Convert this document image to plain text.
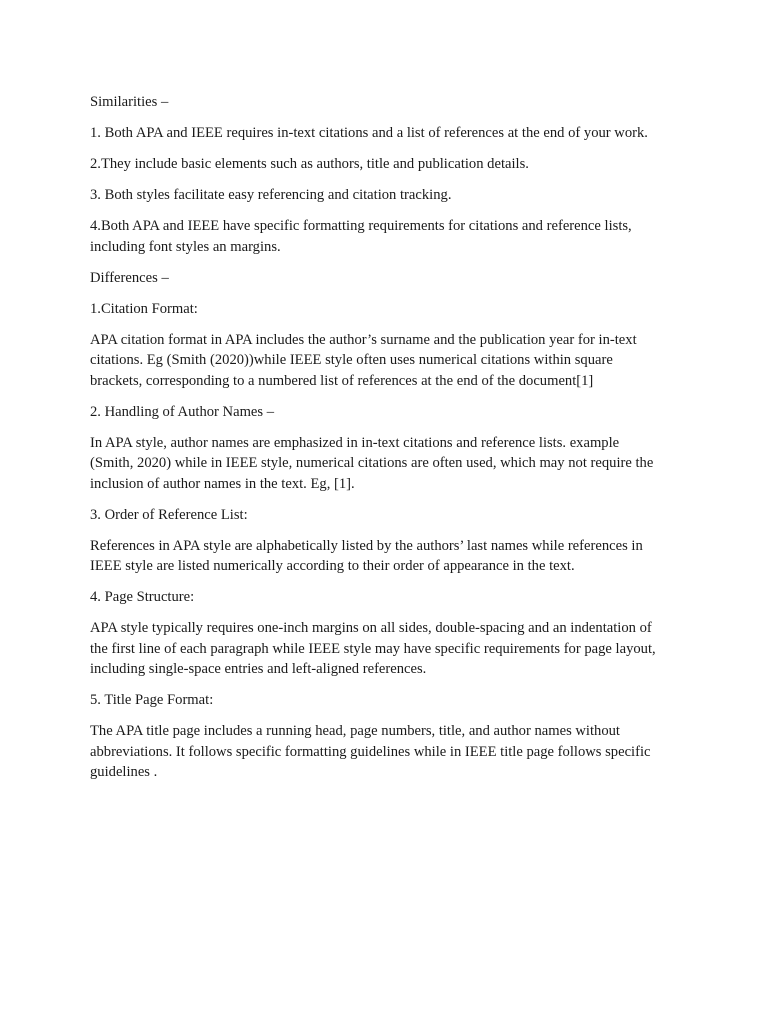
Similarities –

1. Both APA and IEEE requires in-text citations and a list of references at the end of your work.

2.They include basic elements such as authors, title and publication details.

3. Both styles facilitate easy referencing and citation tracking.

4.Both APA and IEEE have specific formatting requirements for citations and reference lists, including font styles an margins.

Differences –

1.Citation Format:

APA citation format in APA includes the author’s surname and the publication year for in-text
citations. Eg (Smith (2020))while IEEE style often uses numerical citations within square
brackets, corresponding to a numbered list of references at the end of the document[1]

2. Handling of Author Names –

In APA style, author names are emphasized in in-text citations and reference lists. example
(Smith, 2020) while in IEEE style, numerical citations are often used, which may not require the
inclusion of author names in the text. Eg, [1].

3. Order of Reference List:

References in APA style are alphabetically listed by the authors’ last names while references in
IEEE style are listed numerically according to their order of appearance in the text.

4. Page Structure:

APA style typically requires one-inch margins on all sides, double-spacing and an indentation of
the first line of each paragraph while IEEE style may have specific requirements for page layout,
including single-space entries and left-aligned references.

5. Title Page Format:

The APA title page includes a running head, page numbers, title, and author names without
abbreviations. It follows specific formatting guidelines while in IEEE title page follows specific
guidelines .
